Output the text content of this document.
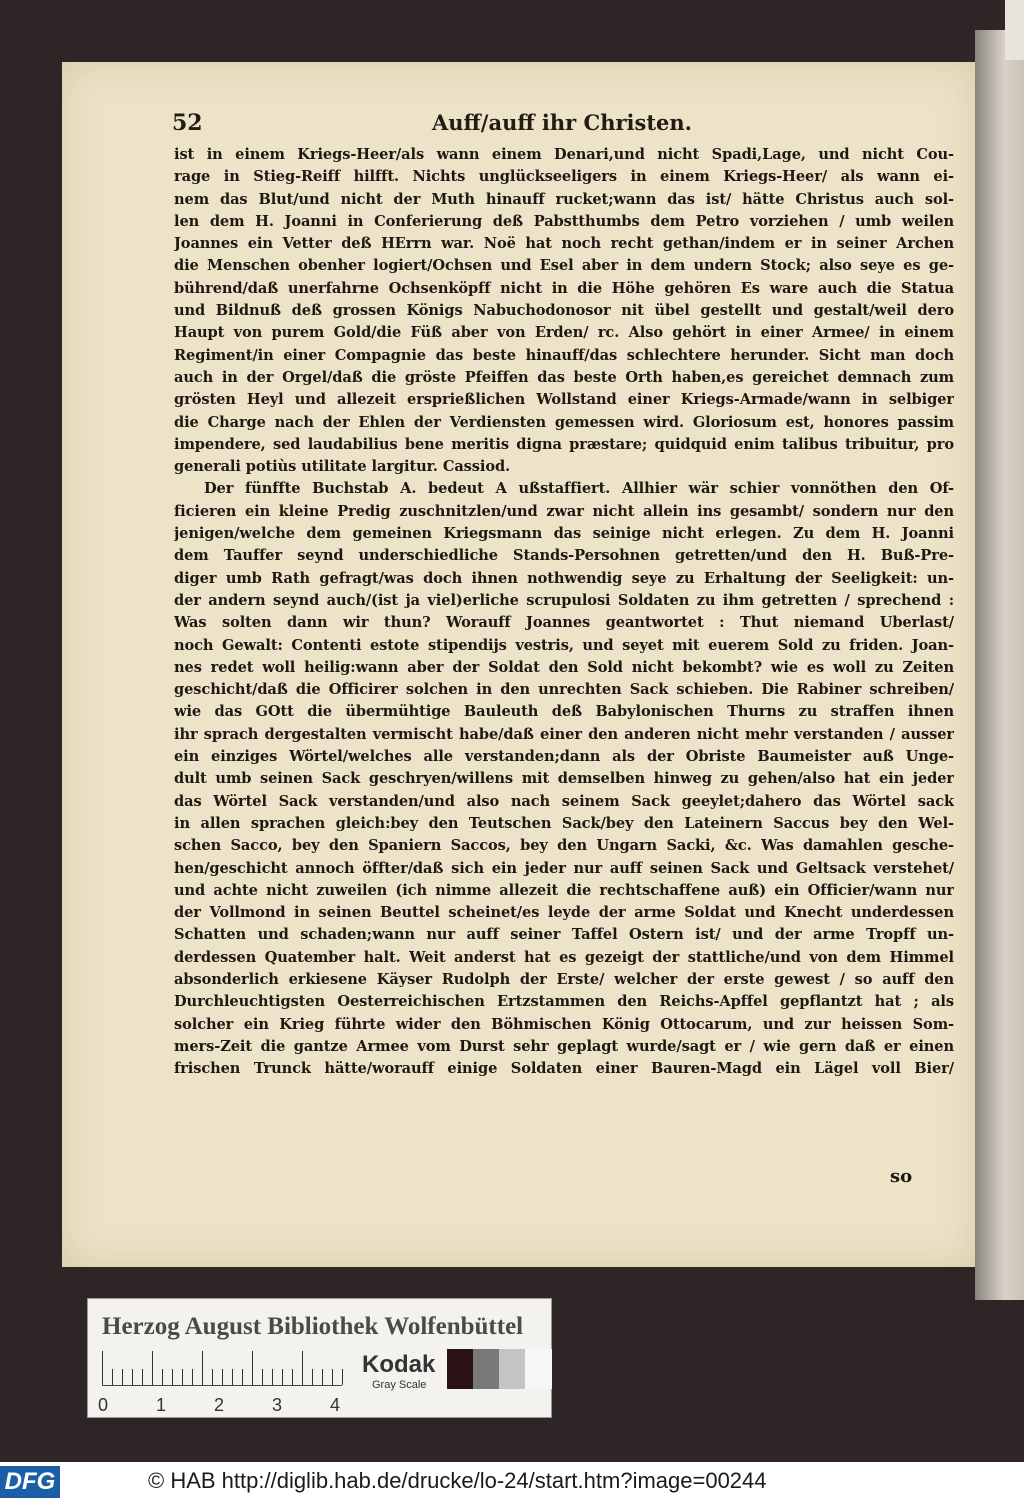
52	Auff/auff ihr Christen.
ist in einem Kriegs-Heer/als wann einem Denari,und nicht Spadi,Lage, und nicht Cou-
rage in Stieg-Reiff hilfft. Nichts unglückseeligers in einem Kriegs-Heer/ als wann ei-
nem das Blut/und nicht der Muth hinauff rucket;wann das ist/ hätte Christus auch sol-
len dem H. Joanni in Conferierung deß Pabstthumbs dem Petro vorziehen / umb weilen
Joannes ein Vetter deß HErrn war. Noë hat noch recht gethan/indem er in seiner Archen
die Menschen obenher logiert/Ochsen und Esel aber in dem undern Stock; also seye es ge-
bührend/daß unerfahrne Ochsenköpff nicht in die Höhe gehören Es ware auch die Statua
und Bildnuß deß grossen Königs Nabuchodonosor nit übel gestellt und gestalt/weil dero
Haupt von purem Gold/die Füß aber von Erden/ rc. Also gehört in einer Armee/ in einem
Regiment/in einer Compagnie das beste hinauff/das schlechtere herunder. Sicht man doch
auch in der Orgel/daß die gröste Pfeiffen das beste Orth haben,es gereichet demnach zum
grösten Heyl und allezeit ersprießlichen Wollstand einer Kriegs-Armade/wann in selbiger
die Charge nach der Ehlen der Verdiensten gemessen wird. Gloriosum est, honores passim
impendere, sed laudabilius bene meritis digna præstare; quidquid enim talibus tribuitur, pro
generali potiùs utilitate largitur. Cassiod.
Der fünffte Buchstab A. bedeut A ußstaffiert. Allhier wär schier vonnöthen den Of-
ficieren ein kleine Predig zuschnitzlen/und zwar nicht allein ins gesambt/ sondern nur den
jenigen/welche dem gemeinen Kriegsmann das seinige nicht erlegen. Zu dem H. Joanni
dem Tauffer seynd underschiedliche Stands-Persohnen getretten/und den H. Buß-Pre-
diger umb Rath gefragt/was doch ihnen nothwendig seye zu Erhaltung der Seeligkeit: un-
der andern seynd auch/(ist ja viel)erliche scrupulosi Soldaten zu ihm getretten / sprechend :
Was solten dann wir thun? Worauff Joannes geantwortet : Thut niemand Uberlast/
noch Gewalt: Contenti estote stipendijs vestris, und seyet mit euerem Sold zu friden. Joan-
nes redet woll heilig:wann aber der Soldat den Sold nicht bekombt? wie es woll zu Zeiten
geschicht/daß die Officirer solchen in den unrechten Sack schieben. Die Rabiner schreiben/
wie das GOtt die übermühtige Bauleuth deß Babylonischen Thurns zu straffen ihnen
ihr sprach dergestalten vermischt habe/daß einer den anderen nicht mehr verstanden / ausser
ein einziges Wörtel/welches alle verstanden;dann als der Obriste Baumeister auß Unge-
dult umb seinen Sack geschryen/willens mit demselben hinweg zu gehen/also hat ein jeder
das Wörtel Sack verstanden/und also nach seinem Sack geeylet;dahero das Wörtel sack
in allen sprachen gleich:bey den Teutschen Sack/bey den Lateinern Saccus bey den Wel-
schen Sacco, bey den Spaniern Saccos, bey den Ungarn Sacki, &c. Was damahlen gesche-
hen/geschicht annoch öffter/daß sich ein jeder nur auff seinen Sack und Geltsack verstehet/
und achte nicht zuweilen (ich nimme allezeit die rechtschaffene auß) ein Officier/wann nur
der Vollmond in seinen Beuttel scheinet/es leyde der arme Soldat und Knecht underdessen
Schatten und schaden;wann nur auff seiner Taffel Ostern ist/ und der arme Tropff un-
derdessen Quatember halt. Weit anderst hat es gezeigt der stattliche/und von dem Himmel
absonderlich erkiesene Käyser Rudolph der Erste/ welcher der erste gewest / so auff den
Durchleuchtigsten Oesterreichischen Ertzstammen den Reichs-Apffel gepflantzt hat ; als
solcher ein Krieg führte wider den Böhmischen König Ottocarum, und zur heissen Som-
mers-Zeit die gantze Armee vom Durst sehr geplagt wurde/sagt er / wie gern daß er einen
frischen Trunck hätte/worauff einige Soldaten einer Bauren-Magd ein Lägel voll Bier/
so
Herzog August Bibliothek Wolfenbüttel
0	1	2	3	4
Kodak
Gray Scale
DFG	© HAB http://diglib.hab.de/drucke/lo-24/start.htm?image=00244
